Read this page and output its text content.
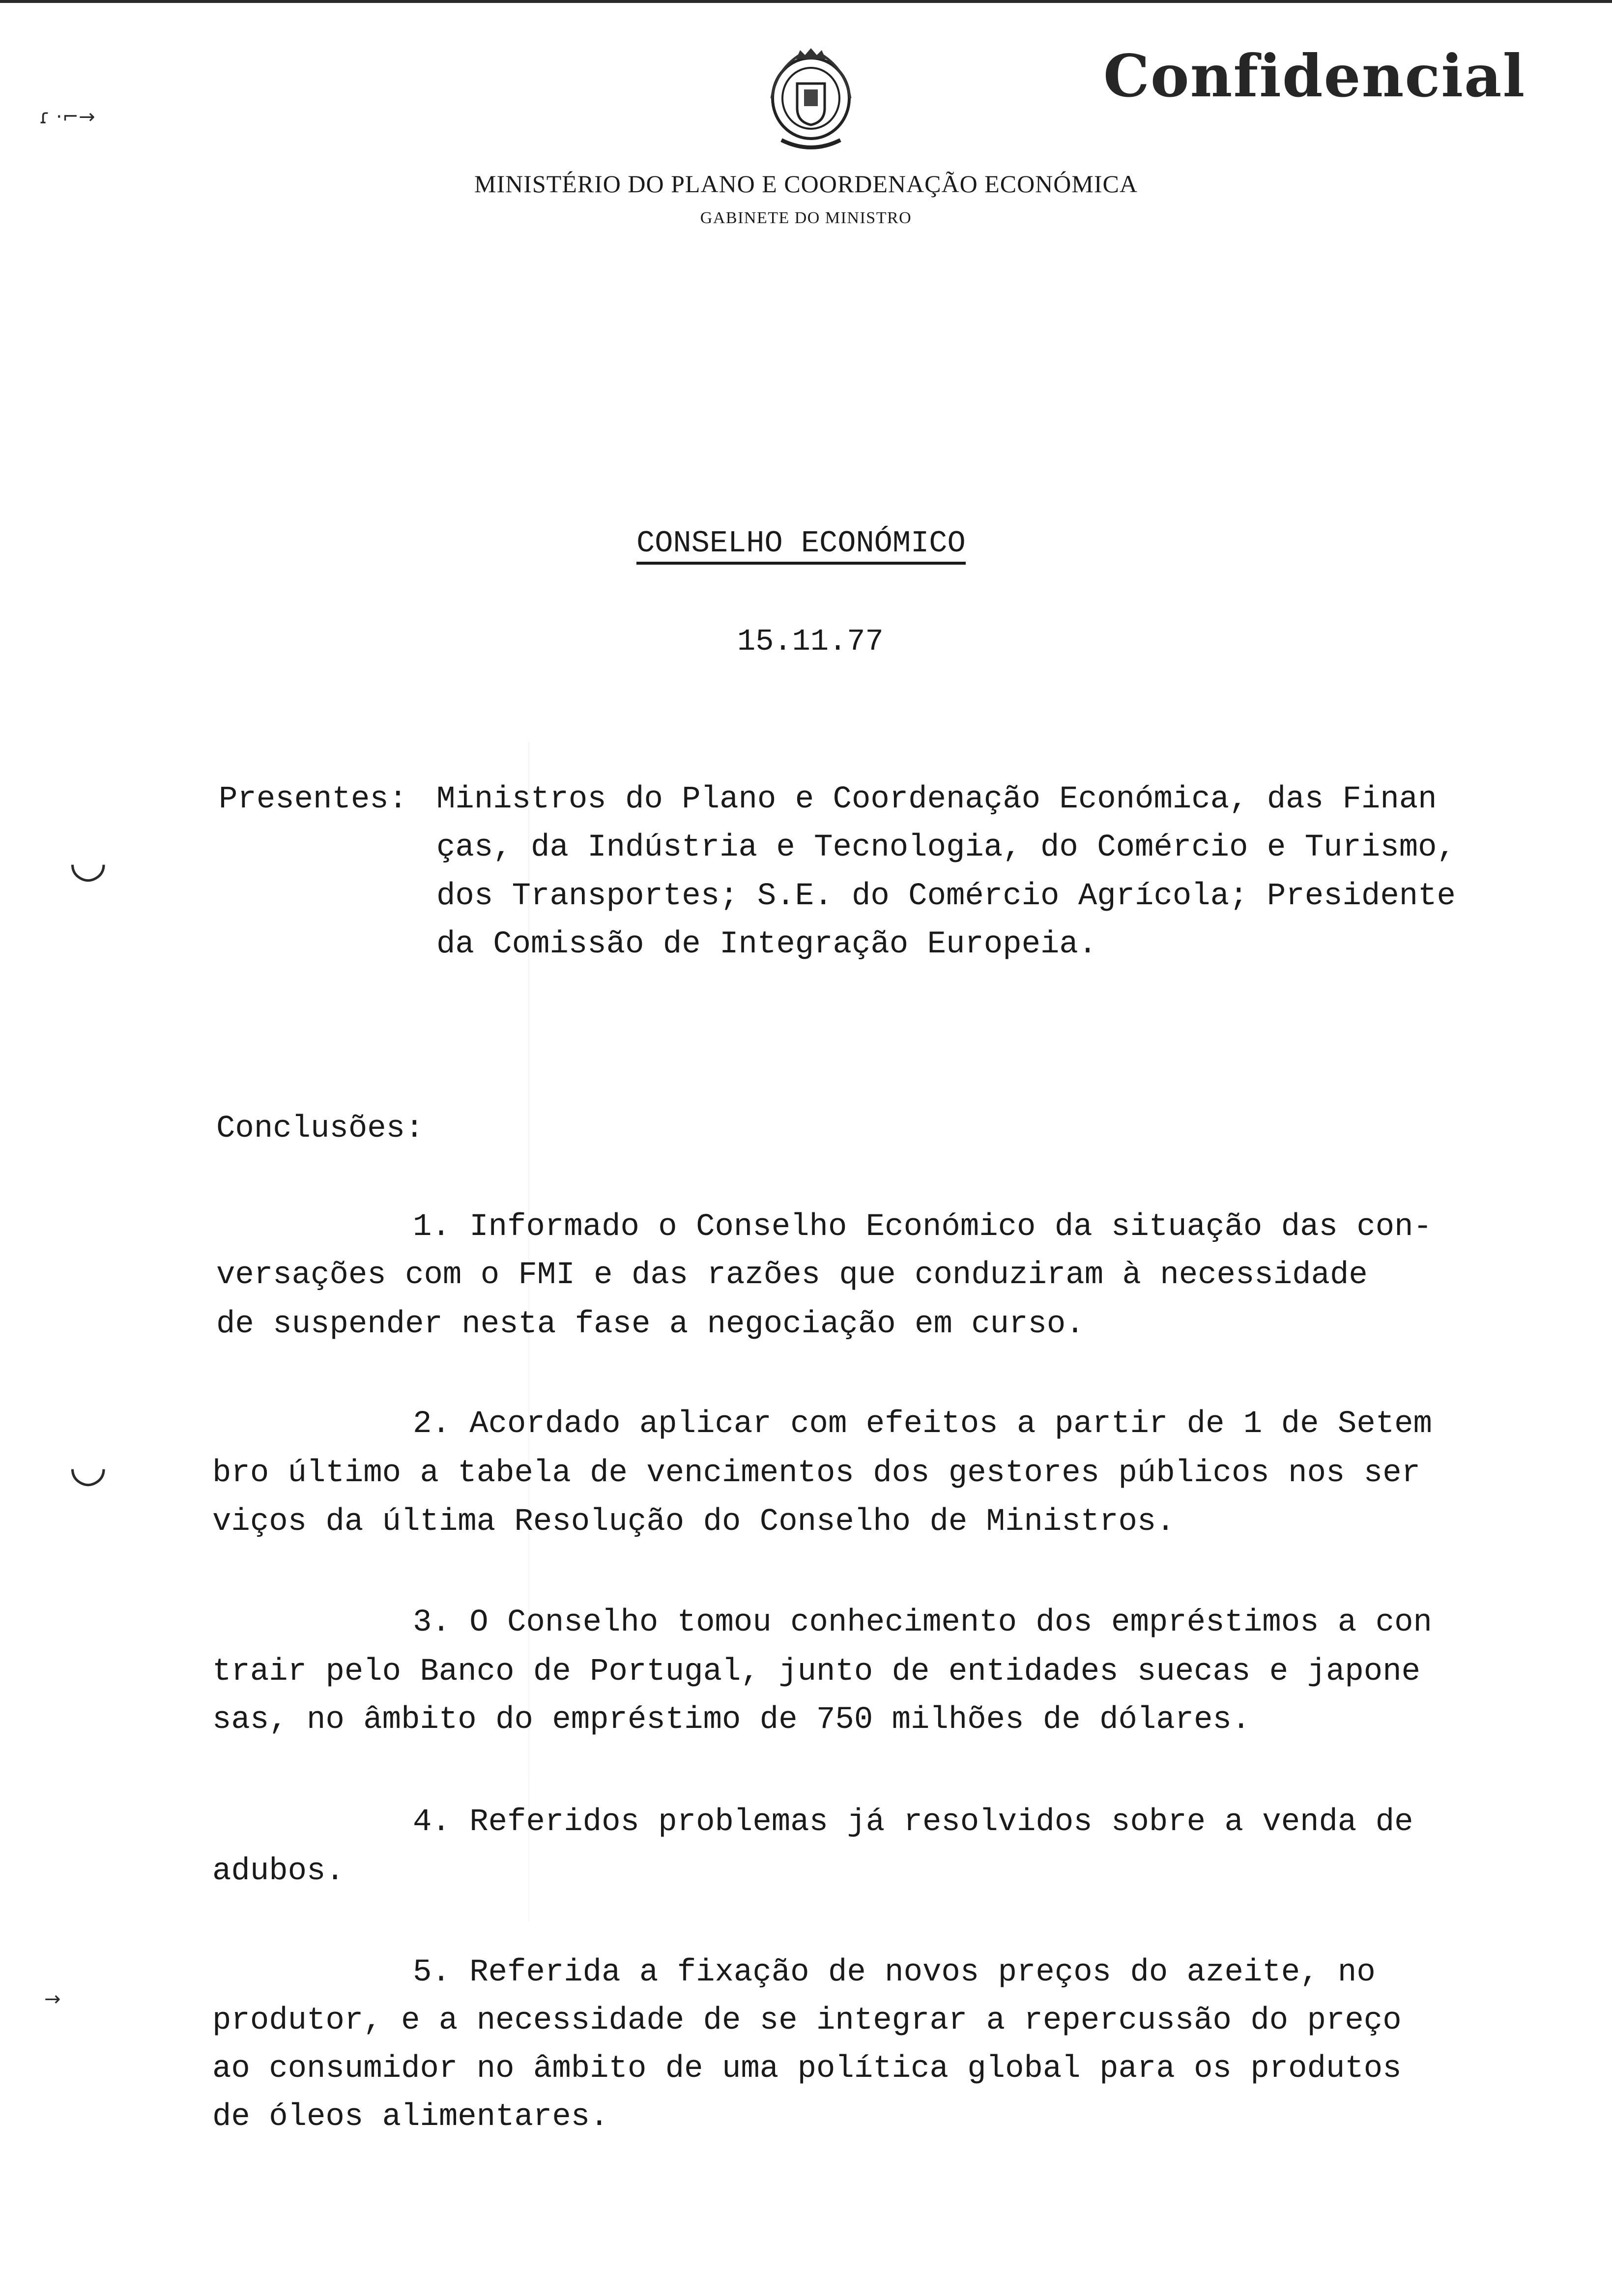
◡
◡
ɾ ·⌐→
→
Confidencial
MINISTÉRIO DO PLANO E COORDENAÇÃO ECONÓMICA
GABINETE DO MINISTRO
CONSELHO ECONÓMICO
15.11.77
Presentes: Ministros do Plano e Coordenação Económica, das Finan
ças, da Indústria e Tecnologia, do Comércio e Turismo,
dos Transportes; S.E. do Comércio Agrícola; Presidente
da Comissão de Integração Europeia.
Conclusões:
1. Informado o Conselho Económico da situação das con-
versações com o FMI e das razões que conduziram à necessidade
de suspender nesta fase a negociação em curso.
2. Acordado aplicar com efeitos a partir de 1 de Setem
bro último a tabela de vencimentos dos gestores públicos nos ser
viços da última Resolução do Conselho de Ministros.
3. O Conselho tomou conhecimento dos empréstimos a con
trair pelo Banco de Portugal, junto de entidades suecas e japone
sas, no âmbito do empréstimo de 750 milhões de dólares.
4. Referidos problemas já resolvidos sobre a venda de
adubos.
5. Referida a fixação de novos preços do azeite, no
produtor, e a necessidade de se integrar a repercussão do preço
ao consumidor no âmbito de uma política global para os produtos
de óleos alimentares.
